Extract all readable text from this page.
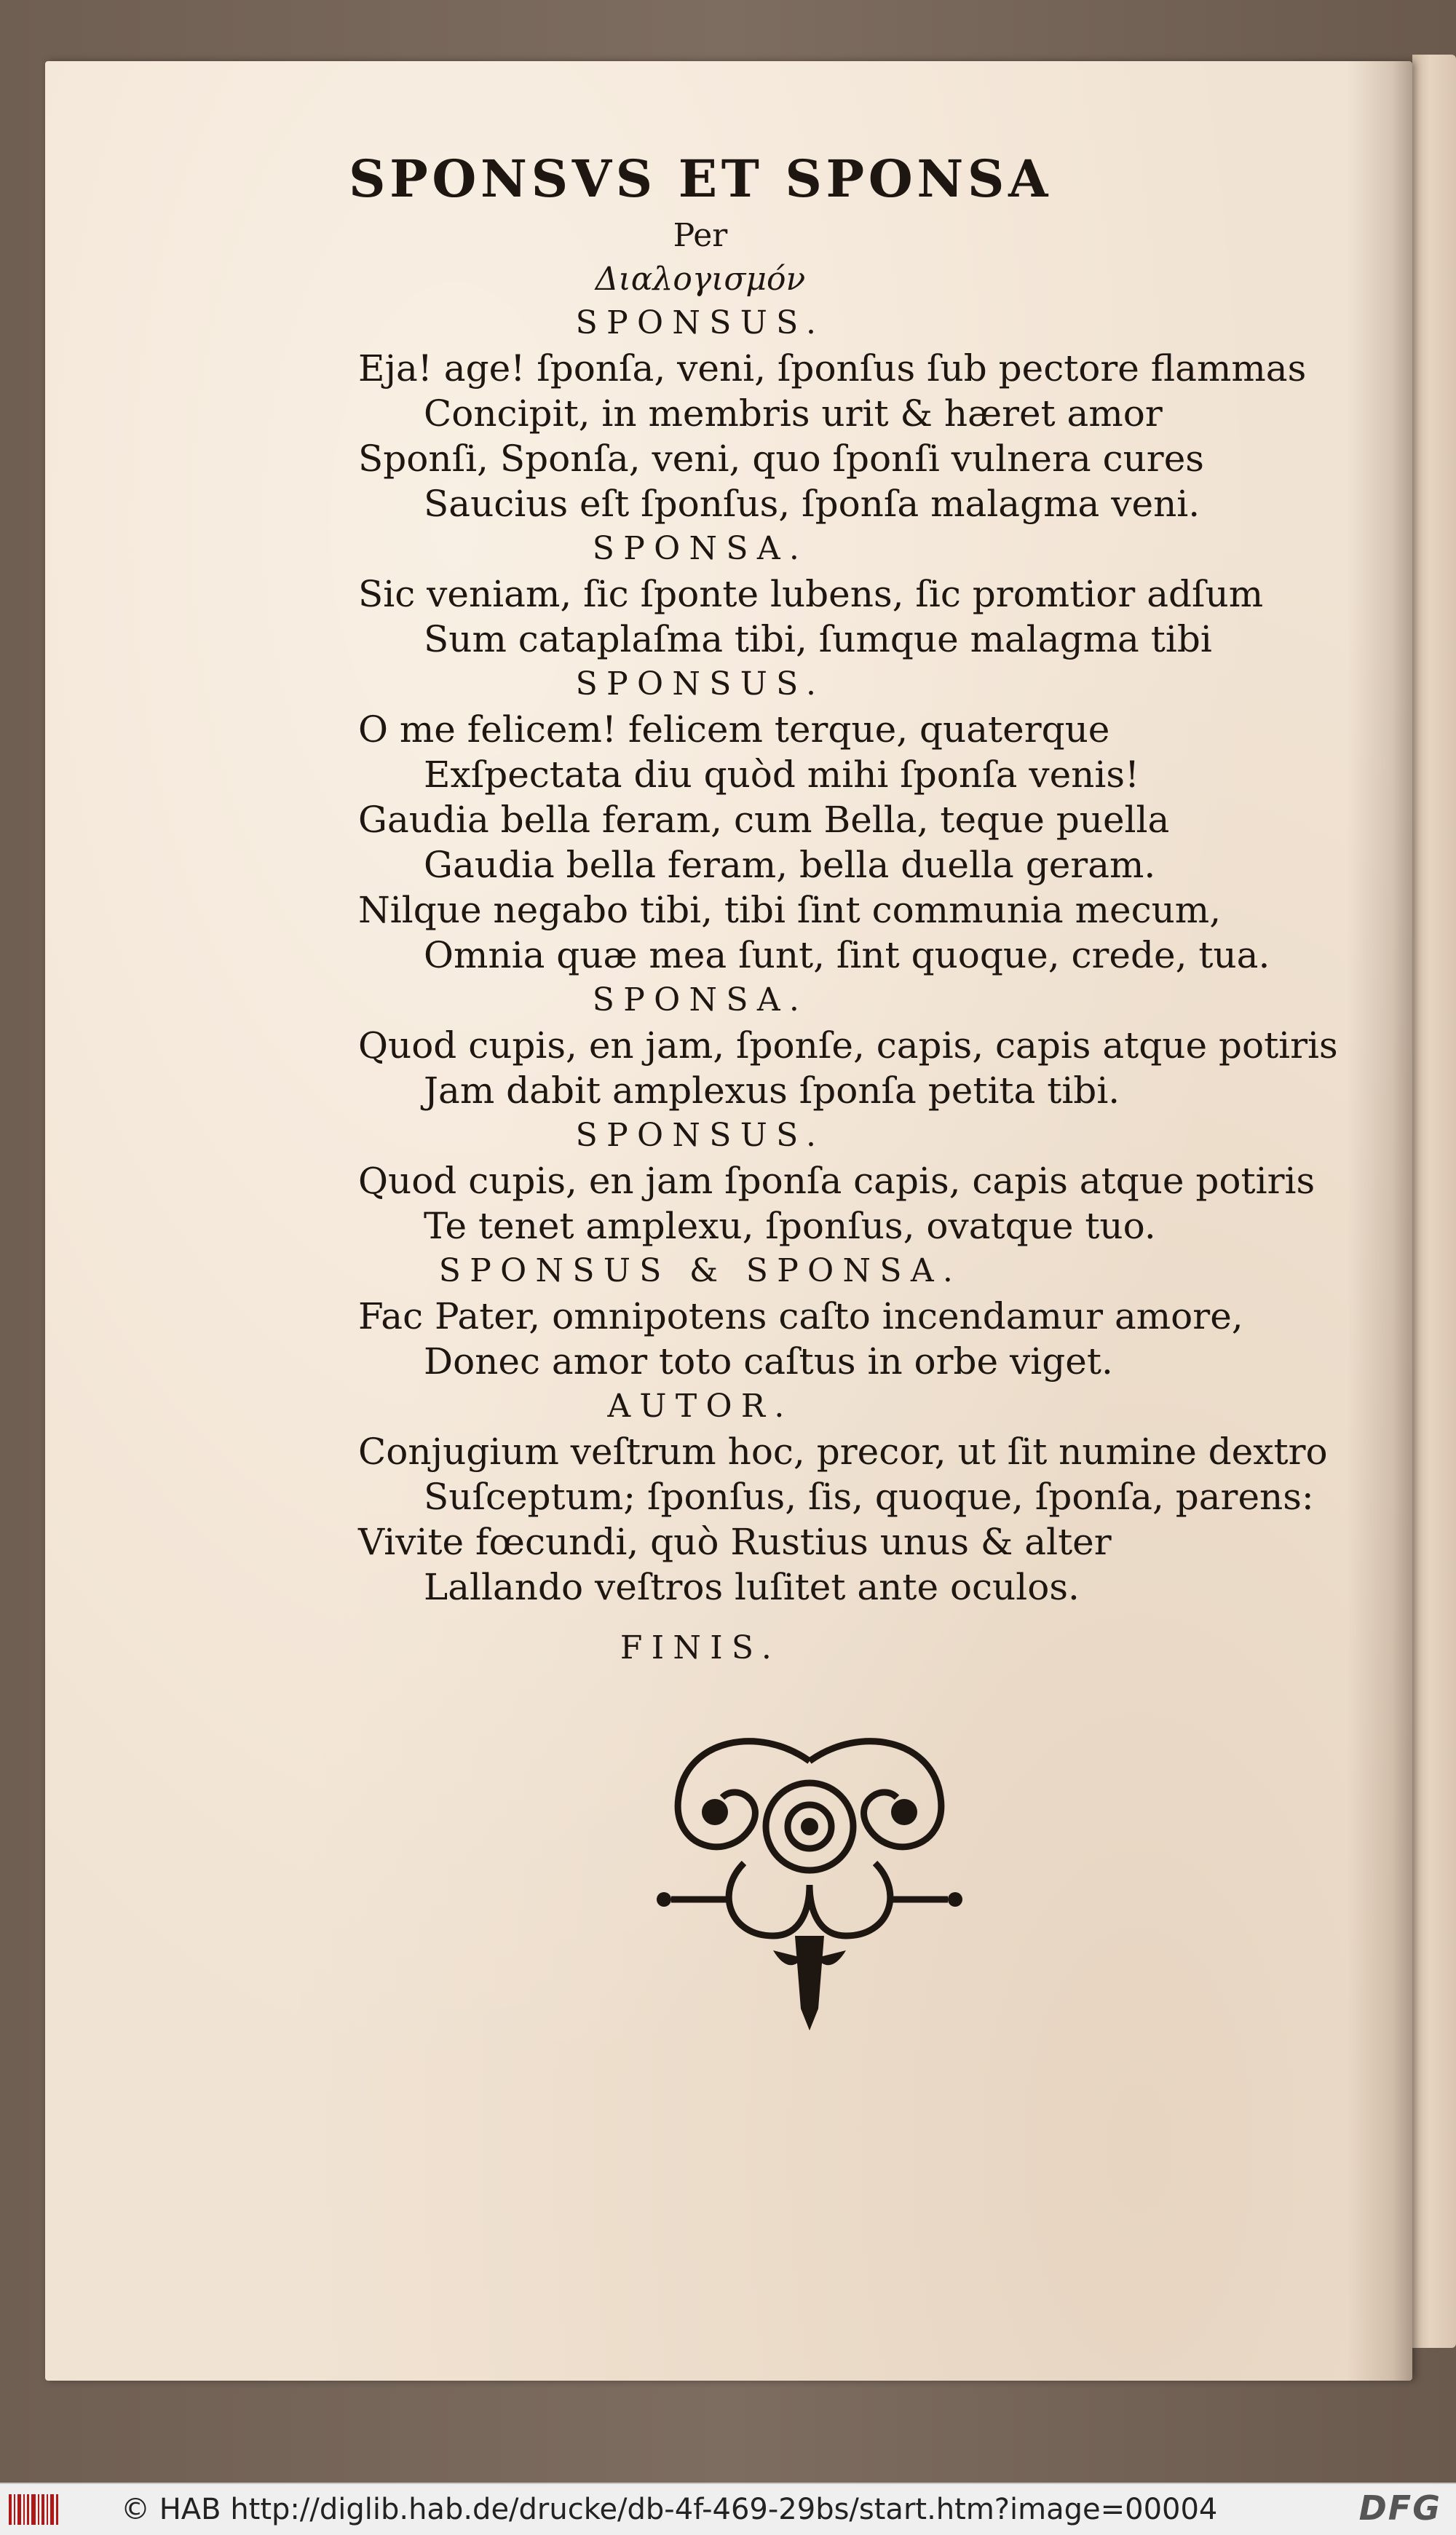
SPONSVS ET SPONSA
Per
Διαλογισμόν
SPONSUS.
Eja! age! ſponſa, veni, ſponſus ſub pectore flammas
Concipit, in membris urit & hæret amor
Sponſi, Sponſa, veni, quo ſponſi vulnera cures
Saucius eſt ſponſus, ſponſa malagma veni.
SPONSA.
Sic veniam, ſic ſponte lubens, ſic promtior adſum
Sum cataplaſma tibi, ſumque malagma tibi
SPONSUS.
O me felicem! felicem terque, quaterque
Exſpectata diu quòd mihi ſponſa venis!
Gaudia bella feram, cum Bella, teque puella
Gaudia bella feram, bella duella geram.
Nilque negabo tibi, tibi ſint communia mecum,
Omnia quæ mea ſunt, ſint quoque, crede, tua.
SPONSA.
Quod cupis, en jam, ſponſe, capis, capis atque potiris
Jam dabit amplexus ſponſa petita tibi.
SPONSUS.
Quod cupis, en jam ſponſa capis, capis atque potiris
Te tenet amplexu, ſponſus, ovatque tuo.
SPONSUS & SPONSA.
Fac Pater, omnipotens caſto incendamur amore,
Donec amor toto caſtus in orbe viget.
AUTOR.
Conjugium veſtrum hoc, precor, ut ſit numine dextro
Suſceptum; ſponſus, ſis, quoque, ſponſa, parens:
Vivite fœcundi, quò Rustius unus & alter
Lallando veſtros luſitet ante oculos.
FINIS.
© HAB http://diglib.hab.de/drucke/db-4f-469-29bs/start.htm?image=00004	DFG
